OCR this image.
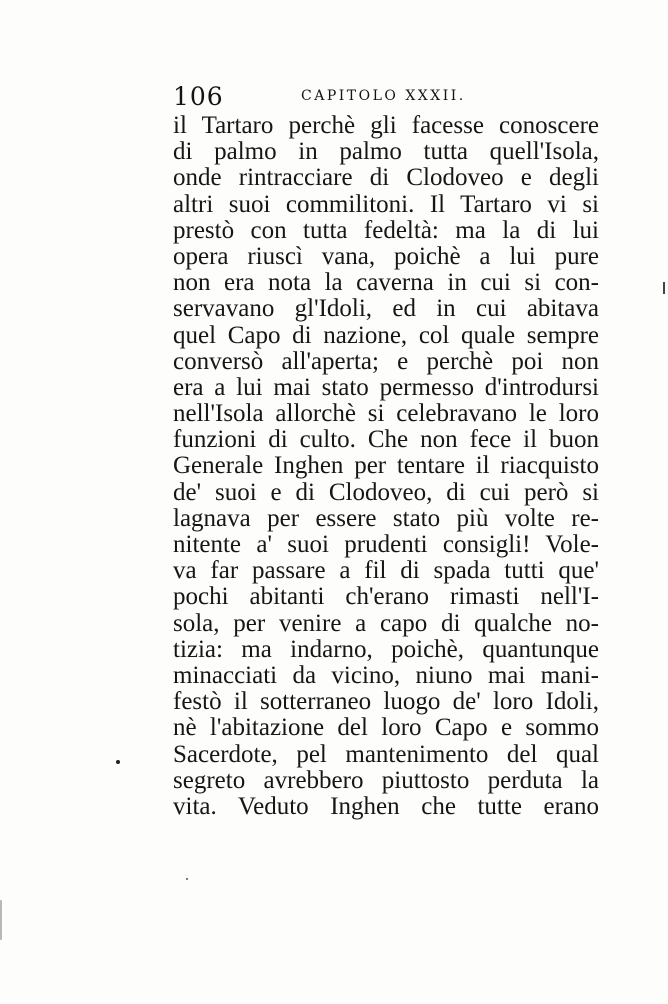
106	CAPITOLO XXXII.
il Tartaro perchè gli facesse conoscere
di palmo in palmo tutta quell'Isola,
onde rintracciare di Clodoveo e degli
altri suoi commilitoni. Il Tartaro vi si
prestò con tutta fedeltà: ma la di lui
opera riuscì vana, poichè a lui pure
non era nota la caverna in cui si con-
servavano gl'Idoli, ed in cui abitava
quel Capo di nazione, col quale sempre
conversò all'aperta; e perchè poi non
era a lui mai stato permesso d'introdursi
nell'Isola allorchè si celebravano le loro
funzioni di culto. Che non fece il buon
Generale Inghen per tentare il riacquisto
de' suoi e di Clodoveo, di cui però si
lagnava per essere stato più volte re-
nitente a' suoi prudenti consigli! Vole-
va far passare a fil di spada tutti que'
pochi abitanti ch'erano rimasti nell'I-
sola, per venire a capo di qualche no-
tizia: ma indarno, poichè, quantunque
minacciati da vicino, niuno mai mani-
festò il sotterraneo luogo de' loro Idoli,
nè l'abitazione del loro Capo e sommo
Sacerdote, pel mantenimento del qual
segreto avrebbero piuttosto perduta la
vita. Veduto Inghen che tutte erano
